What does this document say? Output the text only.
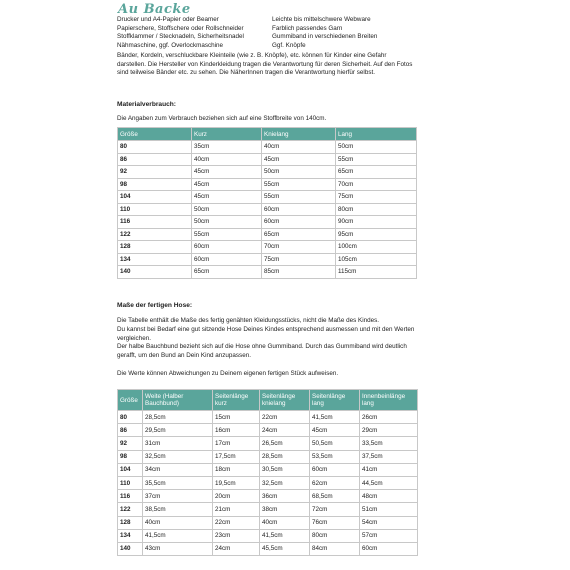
Au Backe
Drucker und A4-Papier oder Beamer
Papierschere, Stoffschere oder Rollschneider
Stoffklammer / Stecknadeln, Sicherheitsnadel
Nähmaschine, ggf. Overlockmaschine
Leichte bis mittelschwere Webware
Farblich passendes Garn
Gummiband in verschiedenen Breiten
Ggf. Knöpfe
Bänder, Kordeln, verschluckbare Kleinteile (wie z. B. Knöpfe), etc. können für Kinder eine Gefahr darstellen. Die Hersteller von Kinderkleidung tragen die Verantwortung für deren Sicherheit. Auf den Fotos sind teilweise Bänder etc. zu sehen. Die NäherInnen tragen die Verantwortung hierfür selbst.
Materialverbrauch:
Die Angaben zum Verbrauch beziehen sich auf eine Stoffbreite von 140cm.
Größe	Kurz	Knielang	Lang
80	35cm	40cm	50cm
86	40cm	45cm	55cm
92	45cm	50cm	65cm
98	45cm	55cm	70cm
104	45cm	55cm	75cm
110	50cm	60cm	80cm
116	50cm	60cm	90cm
122	55cm	65cm	95cm
128	60cm	70cm	100cm
134	60cm	75cm	105cm
140	65cm	85cm	115cm
Maße der fertigen Hose:
Die Tabelle enthält die Maße des fertig genähten Kleidungsstücks, nicht die Maße des Kindes.
Du kannst bei Bedarf eine gut sitzende Hose Deines Kindes entsprechend ausmessen und mit den Werten vergleichen.
Der halbe Bauchbund bezieht sich auf die Hose ohne Gummiband. Durch das Gummiband wird deutlich gerafft, um den Bund an Dein Kind anzupassen.
Die Werte können Abweichungen zu Deinem eigenen fertigen Stück aufweisen.
Größe	Weite (Halber Bauchbund)	Seitenlänge kurz	Seitenlänge knielang	Seitenlänge lang	Innenbeinlänge lang
80	28,5cm	15cm	22cm	41,5cm	26cm
86	29,5cm	16cm	24cm	45cm	29cm
92	31cm	17cm	26,5cm	50,5cm	33,5cm
98	32,5cm	17,5cm	28,5cm	53,5cm	37,5cm
104	34cm	18cm	30,5cm	60cm	41cm
110	35,5cm	19,5cm	32,5cm	62cm	44,5cm
116	37cm	20cm	36cm	68,5cm	48cm
122	38,5cm	21cm	38cm	72cm	51cm
128	40cm	22cm	40cm	76cm	54cm
134	41,5cm	23cm	41,5cm	80cm	57cm
140	43cm	24cm	45,5cm	84cm	60cm
